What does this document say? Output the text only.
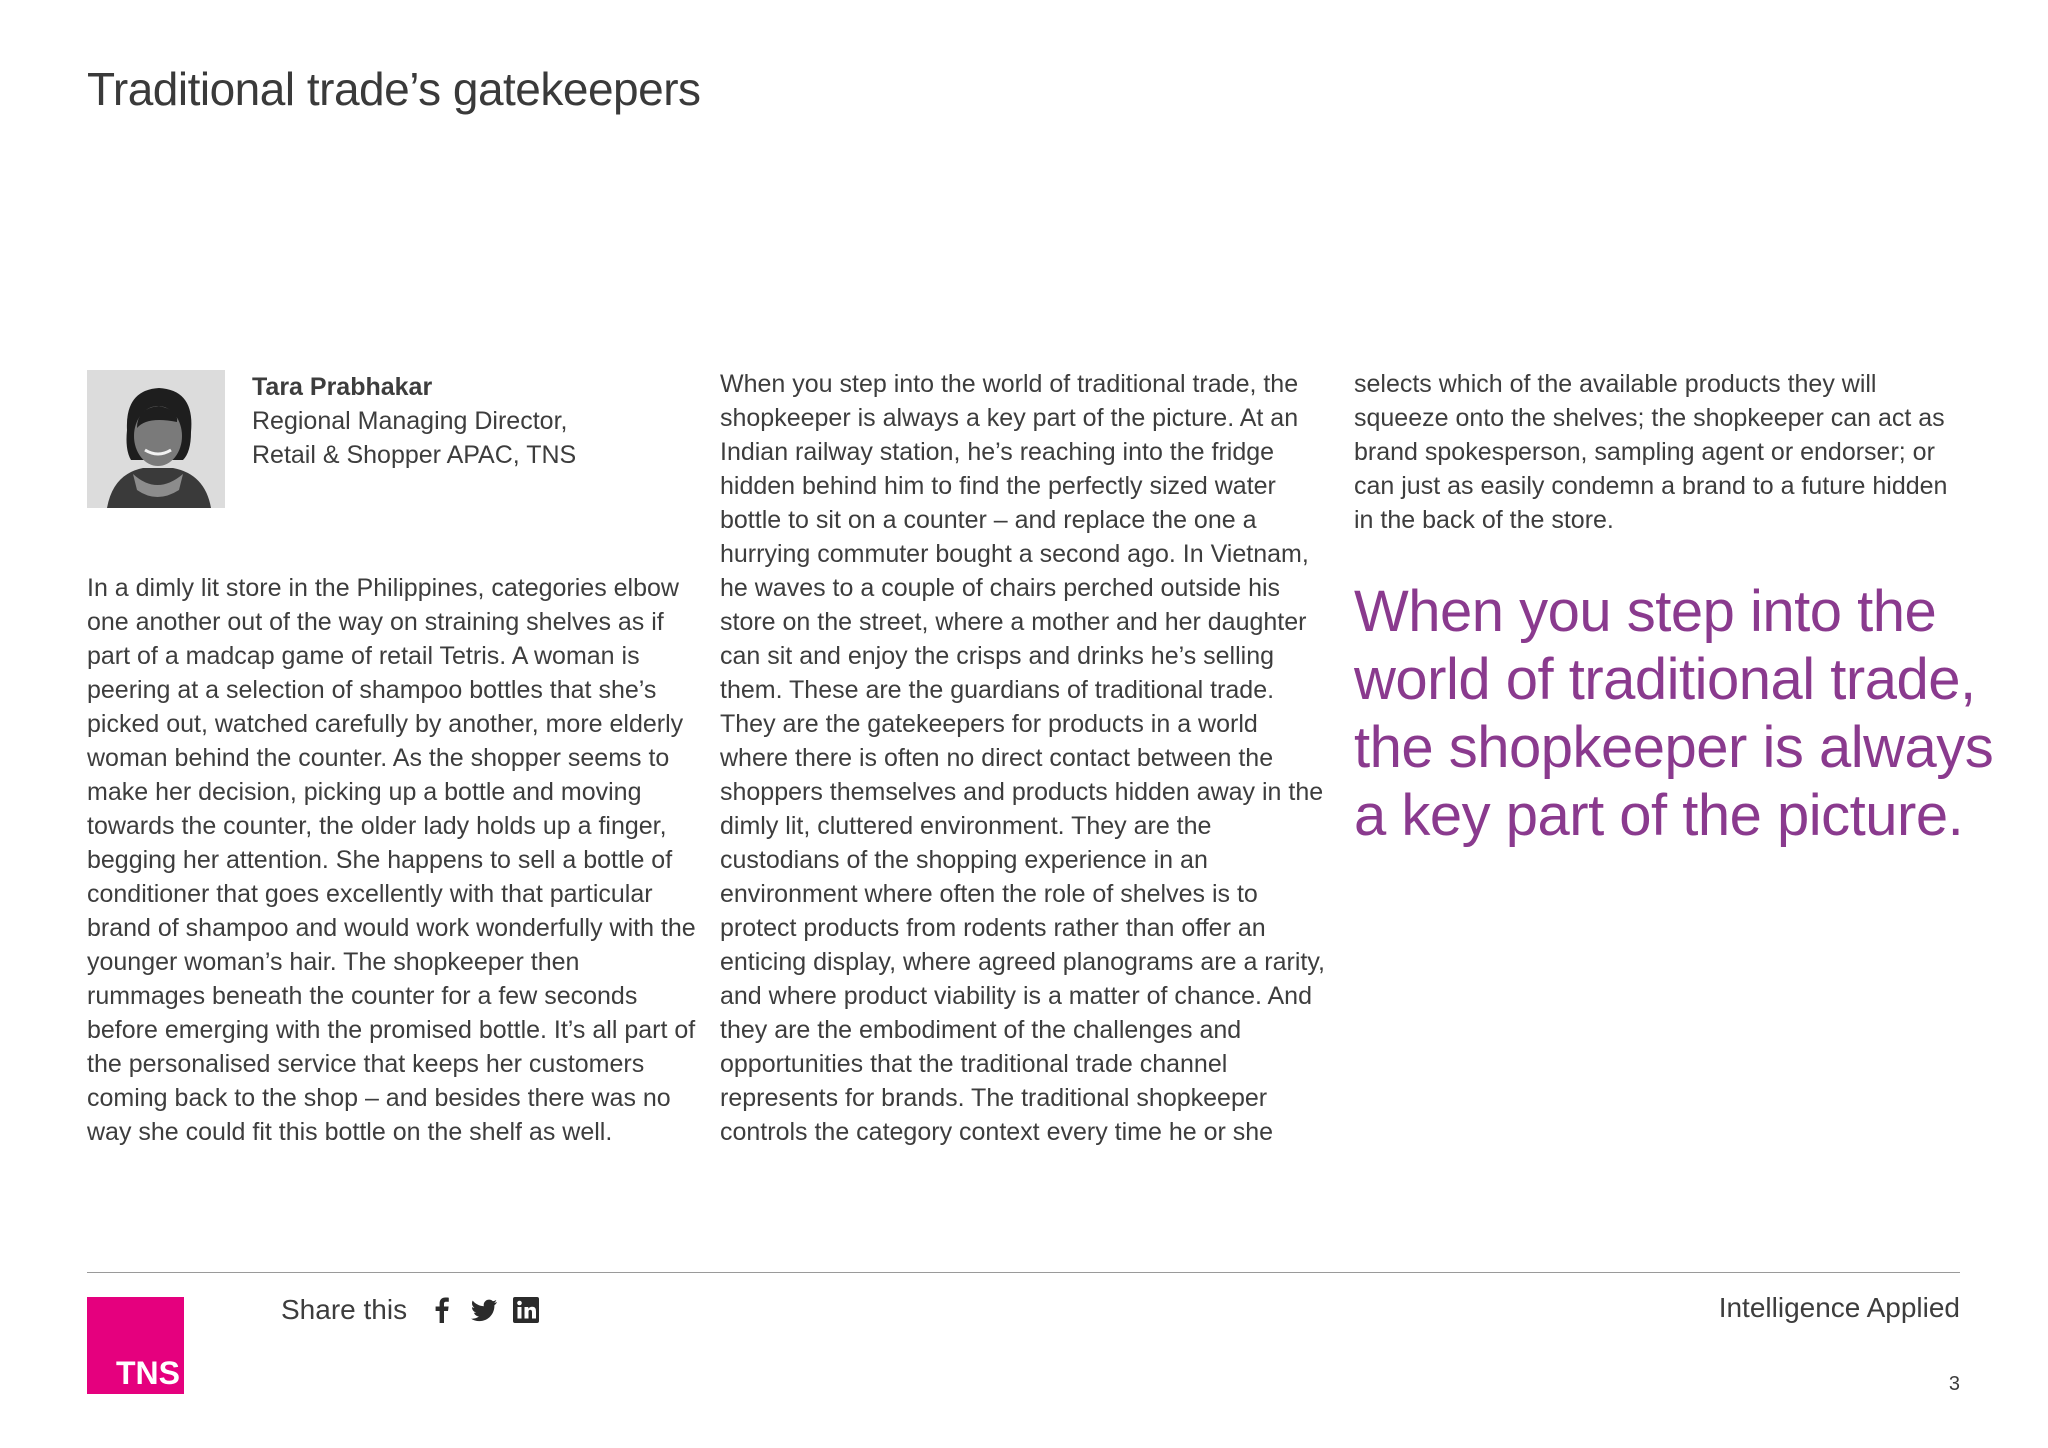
Traditional trade’s gatekeepers
Tara Prabhakar
Regional Managing Director,
Retail & Shopper APAC, TNS

In a dimly lit store in the Philippines, categories elbow one another out of the way on straining shelves as if part of a madcap game of retail Tetris. A woman is peering at a selection of shampoo bottles that she’s picked out, watched carefully by another, more elderly woman behind the counter. As the shopper seems to make her decision, picking up a bottle and moving towards the counter, the older lady holds up a finger, begging her attention. She happens to sell a bottle of conditioner that goes excellently with that particular brand of shampoo and would work wonderfully with the younger woman’s hair. The shopkeeper then rummages beneath the counter for a few seconds before emerging with the promised bottle. It’s all part of the personalised service that keeps her customers coming back to the shop – and besides there was no way she could fit this bottle on the shelf as well.

When you step into the world of traditional trade, the shopkeeper is always a key part of the picture. At an Indian railway station, he’s reaching into the fridge hidden behind him to find the perfectly sized water bottle to sit on a counter – and replace the one a hurrying commuter bought a second ago. In Vietnam, he waves to a couple of chairs perched outside his store on the street, where a mother and her daughter can sit and enjoy the crisps and drinks he’s selling them. These are the guardians of traditional trade. They are the gatekeepers for products in a world where there is often no direct contact between the shoppers themselves and products hidden away in the dimly lit, cluttered environment. They are the custodians of the shopping experience in an environment where often the role of shelves is to protect products from rodents rather than offer an enticing display, where agreed planograms are a rarity, and where product viability is a matter of chance. And they are the embodiment of the challenges and opportunities that the traditional trade channel represents for brands. The traditional shopkeeper controls the category context every time he or she

selects which of the available products they will squeeze onto the shelves; the shopkeeper can act as brand spokesperson, sampling agent or endorser; or can just as easily condemn a brand to a future hidden in the back of the store.

When you step into the world of traditional trade, the shopkeeper is always a key part of the picture.

TNS
Share this	Intelligence Applied
3
